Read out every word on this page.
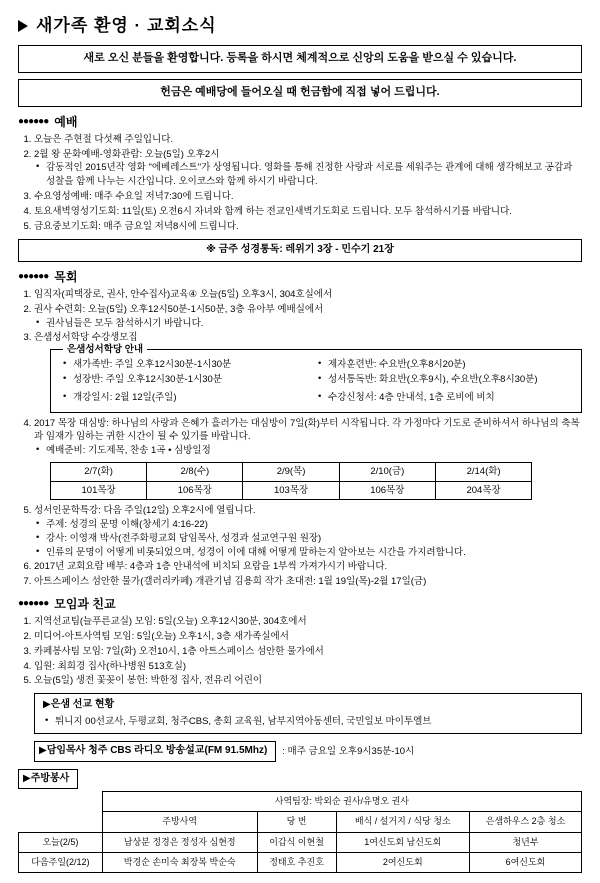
새가족 환영 · 교회소식
새로 오신 분들을 환영합니다. 등록을 하시면 체계적으로 신앙의 도움을 받으실 수 있습니다.
헌금은 예배당에 들어오실 때 헌금함에 직접 넣어 드립니다.
●●●●●● 예배
1. 오늘은 주현절 다섯째 주일입니다.
2. 2월 왕 문화예배-영화관람: 오늘(5일) 오후2시
• 감동적인 2015년작 영화 "에베레스트"가 상영됩니다. 영화를 통해 진정한 사랑과 서로를 세워주는 관계에 대해 생각해보고 공감과 성찰을 함께 나누는 시간입니다. 오이코스와 함께 하시기 바랍니다.
3. 수요영성예배: 매주 수요일 저녁7:30에 드립니다.
4. 토요새벽영성기도회: 11일(토) 오전6시 자녀와 함께 하는 전교인새벽기도회로 드립니다. 모두 참석하시기를 바랍니다.
5. 금요중보기도회: 매주 금요일 저녁8시에 드립니다.
※ 금주 성경통독: 레위기 3장 - 민수기 21장
●●●●●● 목회
1. 임직자(피택장로, 권사, 안수집사)교육④ 오늘(5일) 오후3시, 304호실에서
2. 권사 수련회: 오늘(5일) 오후12시50분-1시50분, 3층 유아부 예배실에서
• 권사님들은 모두 참석하시기 바랍니다.
3. 은샘성서학당 수강생모집
은샘성서학당 안내
• 새가족반: 주일 오후12시30분-1시30분
• 성장반: 주일 오후12시30분-1시30분
• 제자훈련반: 수요반(오후8시20분)
• 성서통독반: 화요반(오후9시), 수요반(오후8시30분)
• 개강일시: 2월 12일(주일)	• 수강신청서: 4층 안내석, 1층 로비에 비치
4. 2017 목장 대심방: 하나님의 사랑과 은혜가 흘러가는 대심방이 7일(화)부터 시작됩니다. 각 가정마다 기도로 준비하셔서 하나님의 축복과 임재가 임하는 귀한 시간이 될 수 있기를 바랍니다.
• 예배준비: 기도제목, 찬송 1곡 • 심방일정
2/7(화)	2/8(수)	2/9(목)	2/10(금)	2/14(화)
101목장	106목장	103목장	106목장	204목장
5. 성서인문학특강: 다음 주일(12일) 오후2시에 열립니다.
• 주제: 성경의 문명 이해(창세기 4:16-22)
• 강사: 이영재 박사(전주화평교회 담임목사, 성경과 설교연구원 원장)
• 인류의 문명이 어떻게 비롯되었으며, 성경이 이에 대해 어떻게 말하는지 알아보는 시간을 가지려합니다.
6. 2017년 교회요람 배부: 4층과 1층 안내석에 비치되 요람을 1부씩 가져가시기 바랍니다.
7. 아트스페이스 섬안한 물가(갤러리카페) 개관기념 김용희 작가 초대전: 1월 19일(목)-2월 17일(금)
●●●●●● 모임과 친교
1. 지역선교팀(늘푸른교실) 모임: 5일(오늘) 오후12시30분, 304호에서
2. 미디어-아트사역팀 모임: 5일(오늘) 오후1시, 3층 새가족실에서
3. 카페봉사팀 모임: 7일(화) 오전10시, 1층 아트스페이스 섬안한 물가에서
4. 입원: 최희경 집사(하나병원 513호실)
5. 오늘(5일) 생전 꽃꽂이 봉헌: 박한정 집사, 전유리 어린이
▶은샘 선교 현황
• 튀니지 00선교사, 두평교회, 청주CBS, 총회 교육원, 남부지역아동센터, 국민일보 마이투엘브
▶담임목사 청주 CBS 라디오 방송설교(FM 91.5Mhz)	: 매주 금요일 오후9시35분-10시
▶주방봉사
	사역팀장: 박외순 권사/유명오 권사			
	주방사역	당 번	배식 / 설거지 / 식당 청소	은샘하우스 2층 청소
오늘(2/5)	남상분 정경은 정성자 심현정	이갑식 이현철	1여신도회 남신도회	청년부
다음주일(2/12)	박경순 손미숙 최장복 박순숙	정태호 추진호	2여신도회	6여신도회
